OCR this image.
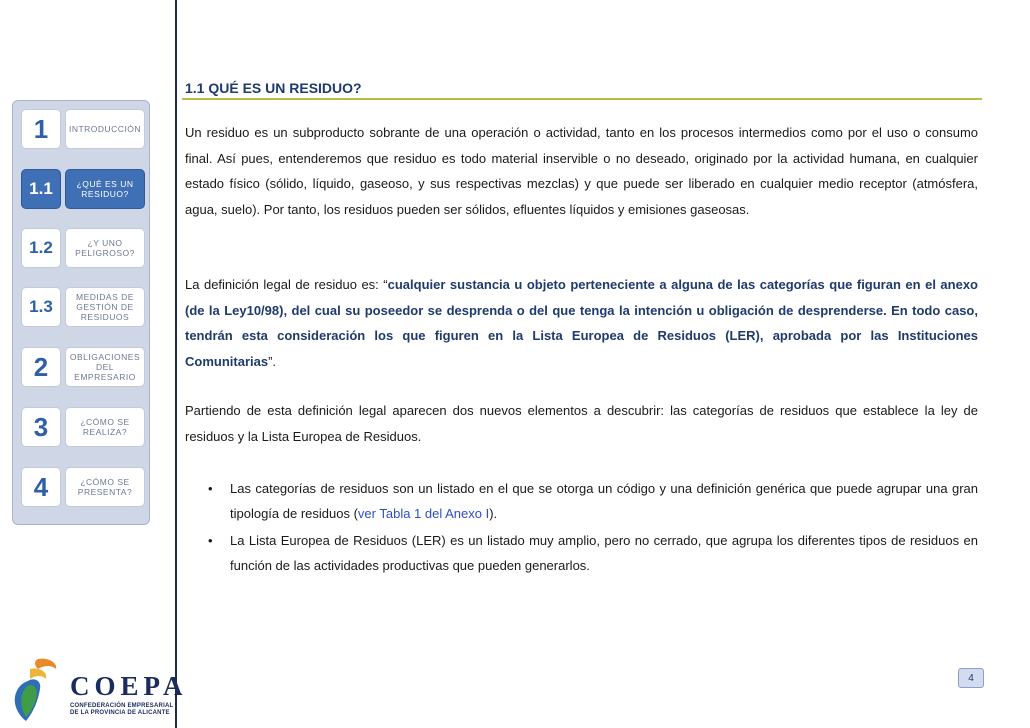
1	INTRODUCCIÓN
1.1	¿QUÉ ES UN RESIDUO?
1.2	¿Y UNO PELIGROSO?
1.3	MEDIDAS DE GESTIÓN DE RESIDUOS
2	OBLIGACIONES DEL EMPRESARIO
3	¿CÓMO SE REALIZA?
4	¿CÓMO SE PRESENTA?
1.1 QUÉ ES UN RESIDUO?

Un residuo es un subproducto sobrante de una operación o actividad, tanto en los procesos intermedios como por el uso o consumo final. Así pues, entenderemos que residuo es todo material inservible o no deseado, originado por la actividad humana, en cualquier estado físico (sólido, líquido, gaseoso, y sus respectivas mezclas) y que puede ser liberado en cualquier medio receptor (atmósfera, agua, suelo). Por tanto, los residuos pueden ser sólidos, efluentes líquidos y emisiones gaseosas.

La definición legal de residuo es: “cualquier sustancia u objeto perteneciente a alguna de las categorías que figuran en el anexo (de la Ley10/98), del cual su poseedor se desprenda o del que tenga la intención u obligación de desprenderse. En todo caso, tendrán esta consideración los que figuren en la Lista Europea de Residuos (LER), aprobada por las Instituciones Comunitarias”.

Partiendo de esta definición legal aparecen dos nuevos elementos a descubrir: las categorías de residuos que establece la ley de residuos y la Lista Europea de Residuos.

• Las categorías de residuos son un listado en el que se otorga un código y una definición genérica que puede agrupar una gran tipología de residuos (ver Tabla 1 del Anexo I).
• La Lista Europea de Residuos (LER) es un listado muy amplio, pero no cerrado, que agrupa los diferentes tipos de residuos en función de las actividades productivas que pueden generarlos.
4
COEPA
CONFEDERACIÓN EMPRESARIAL
DE LA PROVINCIA DE ALICANTE
